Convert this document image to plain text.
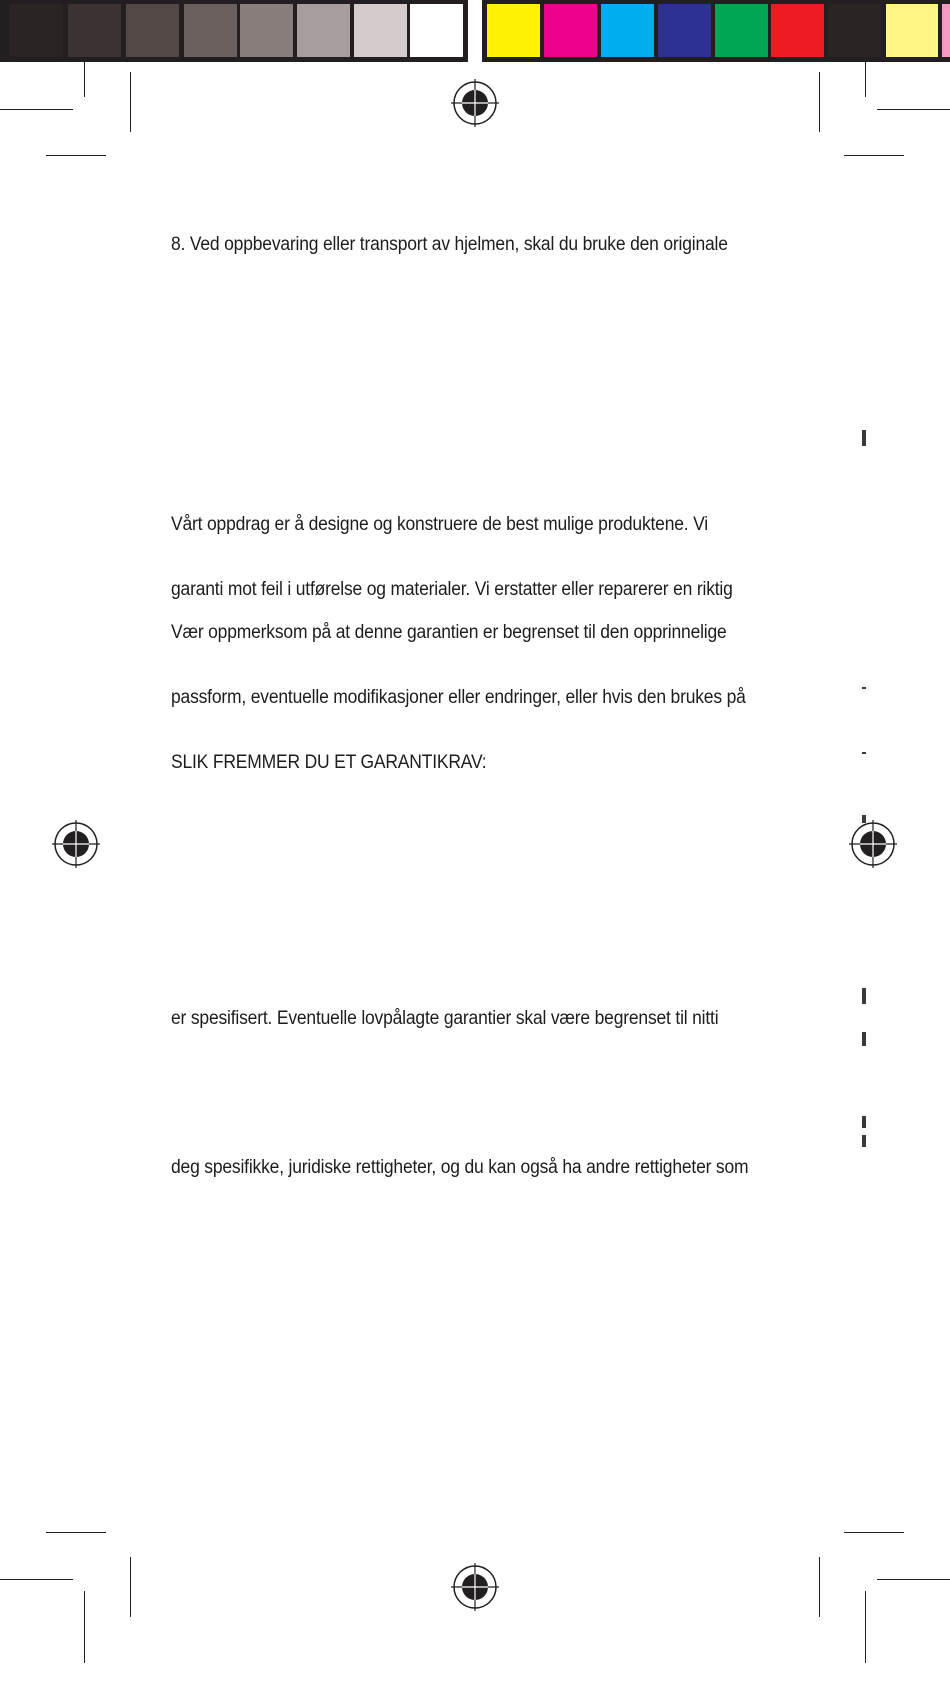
8. Ved oppbevaring eller transport av hjelmen, skal du bruke den originale
Vårt oppdrag er å designe og konstruere de best mulige produktene. Vi
garanti mot feil i utførelse og materialer. Vi erstatter eller reparerer en riktig
Vær oppmerksom på at denne garantien er begrenset til den opprinnelige
passform, eventuelle modifikasjoner eller endringer, eller hvis den brukes på
SLIK FREMMER DU ET GARANTIKRAV:
er spesifisert. Eventuelle lovpålagte garantier skal være begrenset til nitti
deg spesifikke, juridiske rettigheter, og du kan også ha andre rettigheter som
